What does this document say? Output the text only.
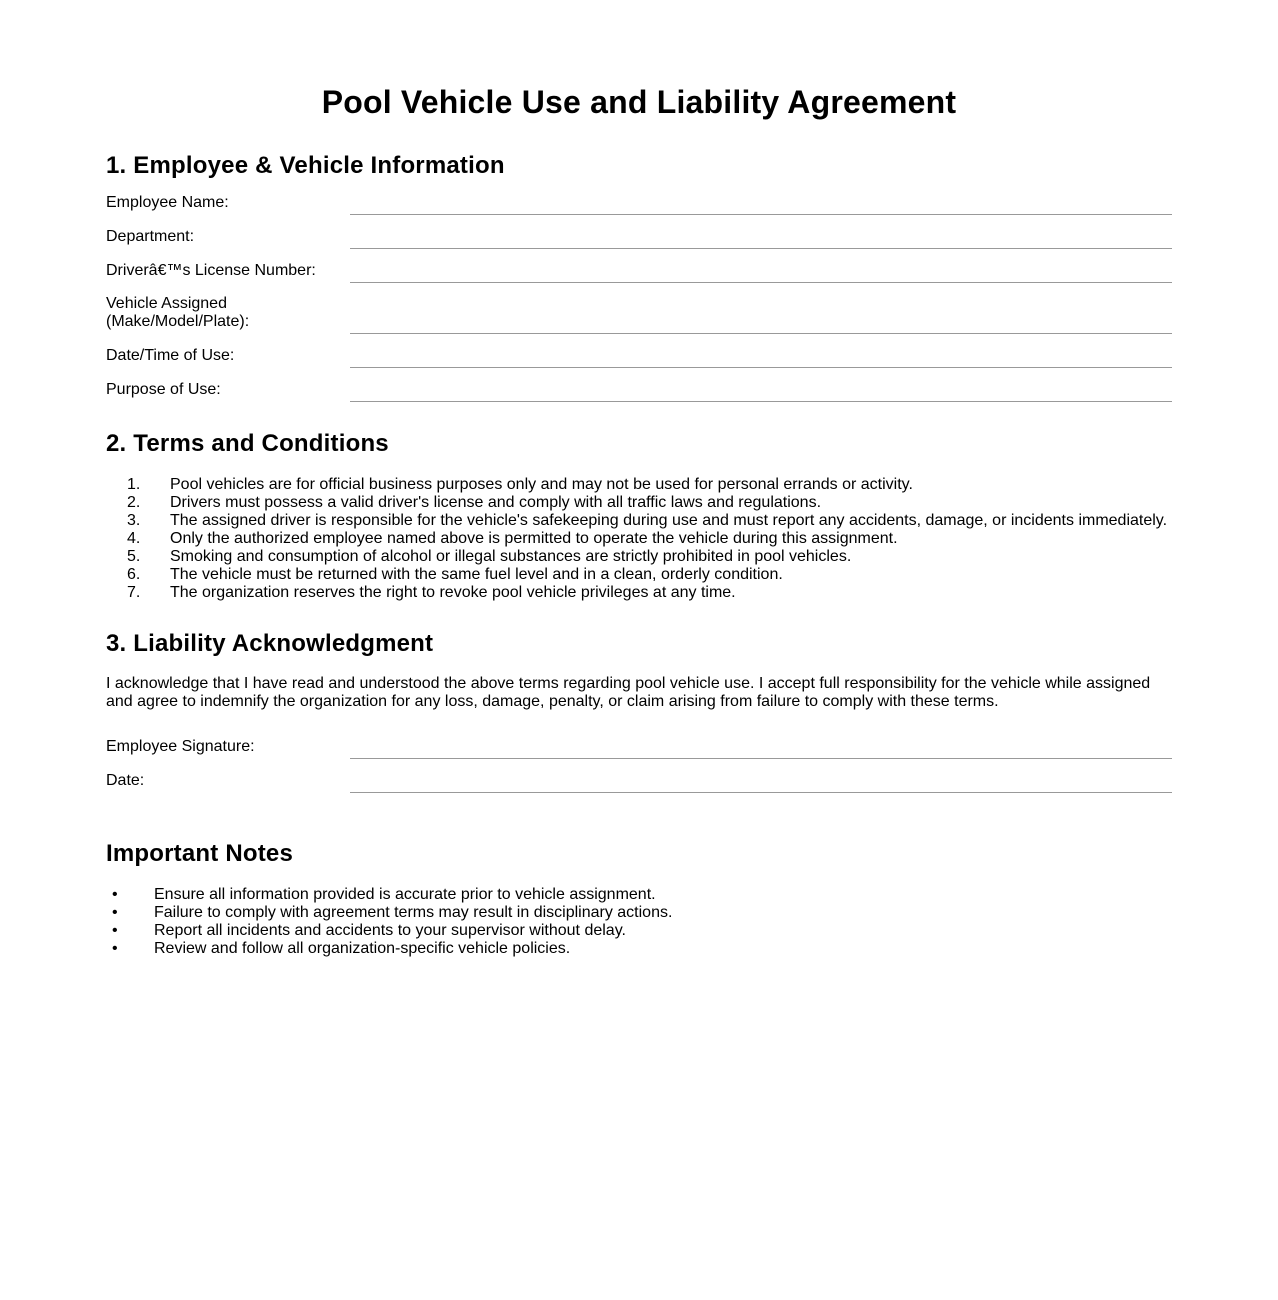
Pool Vehicle Use and Liability Agreement
1. Employee & Vehicle Information
Employee Name:
Department:
Driverâ€™s License Number:
Vehicle Assigned
(Make/Model/Plate):
Date/Time of Use:
Purpose of Use:
2. Terms and Conditions
1.	Pool vehicles are for official business purposes only and may not be used for personal errands or activity.
2.	Drivers must possess a valid driver's license and comply with all traffic laws and regulations.
3.	The assigned driver is responsible for the vehicle's safekeeping during use and must report any accidents, damage, or incidents immediately.
4.	Only the authorized employee named above is permitted to operate the vehicle during this assignment.
5.	Smoking and consumption of alcohol or illegal substances are strictly prohibited in pool vehicles.
6.	The vehicle must be returned with the same fuel level and in a clean, orderly condition.
7.	The organization reserves the right to revoke pool vehicle privileges at any time.
3. Liability Acknowledgment

I acknowledge that I have read and understood the above terms regarding pool vehicle use. I accept full responsibility for the vehicle while assigned and agree to indemnify the organization for any loss, damage, penalty, or claim arising from failure to comply with these terms.

Employee Signature:
Date:
Important Notes
•	Ensure all information provided is accurate prior to vehicle assignment.
•	Failure to comply with agreement terms may result in disciplinary actions.
•	Report all incidents and accidents to your supervisor without delay.
•	Review and follow all organization-specific vehicle policies.
